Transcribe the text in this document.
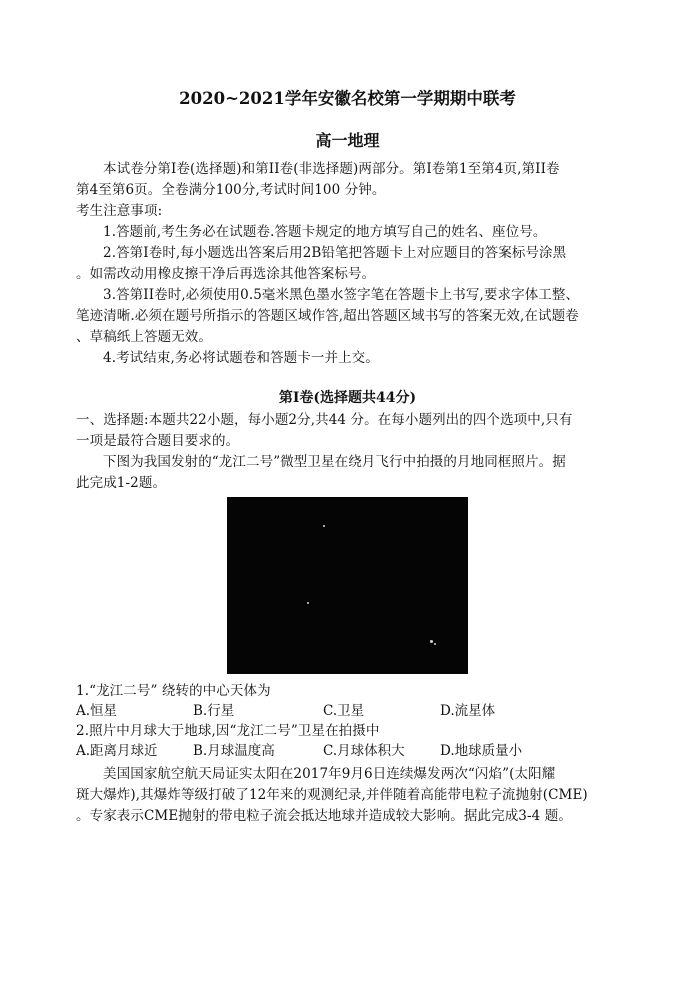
2020~2021学年安徽名校第一学期期中联考
高一地理
本试卷分第I卷(选择题)和第II卷(非选择题)两部分。第I卷第1至第4页,第II卷
第4至第6页。全卷满分100分,考试时间100 分钟。
考生注意事项:
1.答题前,考生务必在试题卷.答题卡规定的地方填写自己的姓名、座位号。
2.答第I卷时,每小题选出答案后用2B铅笔把答题卡上对应题目的答案标号涂黑
。如需改动用橡皮擦干净后再选涂其他答案标号。
3.答第II卷时,必须使用0.5毫米黑色墨水签字笔在答题卡上书写,要求字体工整、
笔迹清晰.必须在题号所指示的答题区域作答,超出答题区域书写的答案无效,在试题卷
、草稿纸上答题无效。
4.考试结束,务必将试题卷和答题卡一并上交。
第I卷(选择题共44分)
一、选择题:本题共22小题，每小题2分,共44 分。在每小题列出的四个选项中,只有
一项是最符合题目要求的。
下图为我国发射的“龙江二号”微型卫星在绕月飞行中拍摄的月地同框照片。据
此完成1-2题。
1.“龙江二号” 绕转的中心天体为
A.恒星	B.行星	C.卫星	D.流星体
2.照片中月球大于地球,因“龙江二号”卫星在拍摄中
A.距离月球近	B.月球温度高	C.月球体积大	D.地球质量小
美国国家航空航天局证实太阳在2017年9月6日连续爆发两次“闪焰”(太阳耀
斑大爆炸),其爆炸等级打破了12年来的观测纪录,并伴随着高能带电粒子流抛射(CME)
。专家表示CME抛射的带电粒子流会抵达地球并造成较大影响。据此完成3-4 题。
